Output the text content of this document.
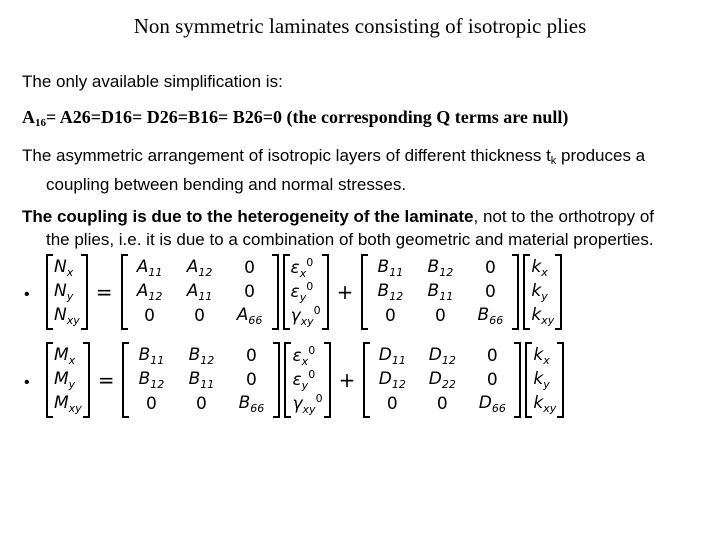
Non symmetric laminates consisting of isotropic plies
The only available simplification is:
$A_{16}= A26=D16= D26=B16= B26=0$ (the corresponding Q terms are null)
The asymmetric arrangement of isotropic layers of different thickness $t_k$ produces a
coupling between bending and normal stresses.
The coupling is due to the heterogeneity of the laminate, not to the orthotropy of
the plies, i.e. it is due to a combination of both geometric and material properties.
•
$N_x$
$N_y$
$N_{xy}$
=
$A_{11}$ $A_{12}$ 0
$A_{12}$ $A_{11}$ 0
0 0 $A_{66}$
$\varepsilon_x^0$
$\varepsilon_y^0$
$\gamma_{xy}^0$
+
$B_{11}$ $B_{12}$ 0
$B_{12}$ $B_{11}$ 0
0 0 $B_{66}$
$k_x$
$k_y$
$k_{xy}$
•
$M_x$
$M_y$
$M_{xy}$
=
$B_{11}$ $B_{12}$ 0
$B_{12}$ $B_{11}$ 0
0 0 $B_{66}$
$\varepsilon_x^0$
$\varepsilon_y^0$
$\gamma_{xy}^0$
+
$D_{11}$ $D_{12}$ 0
$D_{12}$ $D_{22}$ 0
0 0 $D_{66}$
$k_x$
$k_y$
$k_{xy}$
